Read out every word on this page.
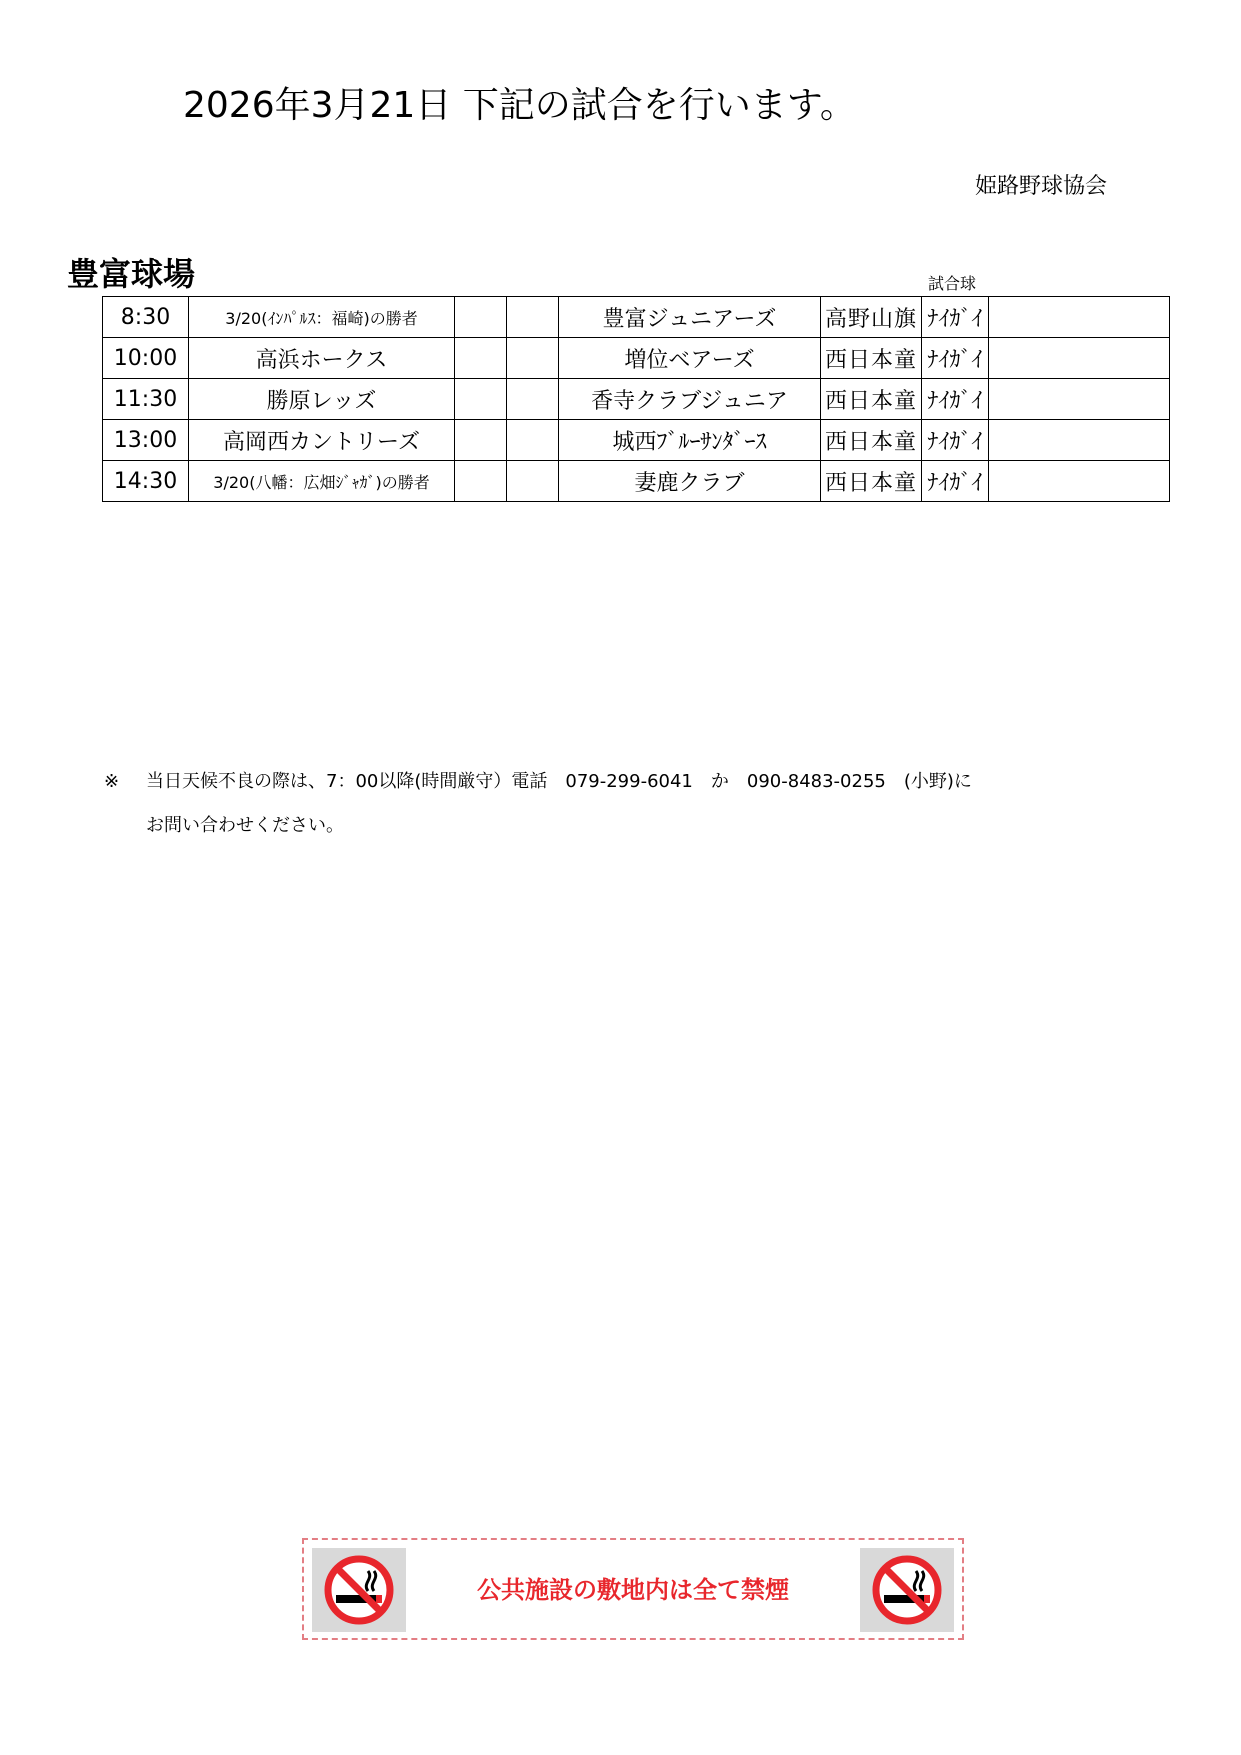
2026年3月21日 下記の試合を行います。
姫路野球協会
豊富球場	試合球
8:30	3/20(ｲﾝﾊﾟﾙｽ：福崎)の勝者			豊富ジュニアーズ	高野山旗	ﾅｲｶﾞｲ	
10:00	高浜ホークス			増位ベアーズ	西日本童	ﾅｲｶﾞｲ	
11:30	勝原レッズ			香寺クラブジュニア	西日本童	ﾅｲｶﾞｲ	
13:00	高岡西カントリーズ			城西ﾌﾞﾙｰｻﾝﾀﾞｰｽ	西日本童	ﾅｲｶﾞｲ	
14:30	3/20(八幡：広畑ｼﾞｬｶﾞ)の勝者			妻鹿クラブ	西日本童	ﾅｲｶﾞｲ	
※ 当日天候不良の際は、7：00以降(時間厳守）電話　079-299-6041　か　090-8483-0255　(小野)に
お問い合わせください。
公共施設の敷地内は全て禁煙
